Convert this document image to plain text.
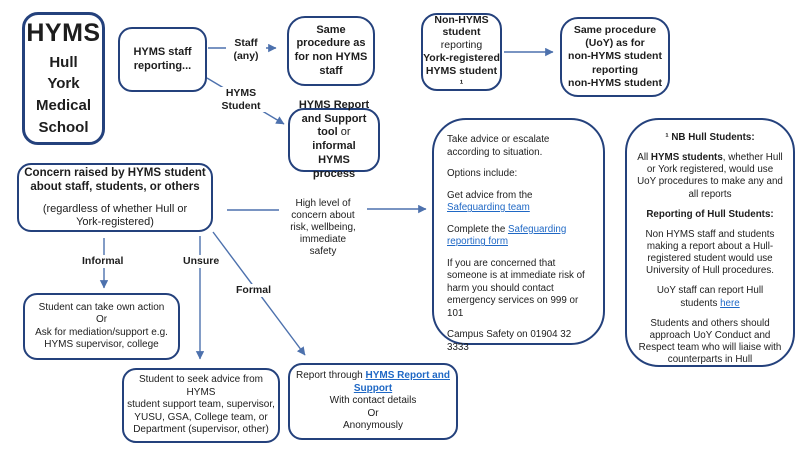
HYMS
Hull
York
Medical
School
HYMS staff
reporting...
Same
procedure as
for non HYMS
staff
Non-HYMS
student
reporting
York-registered
HYMS student ¹
Same procedure
(UoY) as for
non-HYMS student
reporting
non-HYMS student
HYMS Report and Support tool or informal HYMS process
Concern raised by HYMS student
about staff, students, or others
(regardless of whether Hull or
York-registered)

Take advice or escalate according to situation.

Options include:

Get advice from the Safeguarding team

Complete the Safeguarding reporting form

If you are concerned that someone is at immediate risk of harm you should contact emergency services on 999 or 101

Campus Safety on 01904 32 3333

¹ NB Hull Students:

All HYMS students, whether Hull or York registered, would use UoY procedures to make any and all reports

Reporting of Hull Students:

Non HYMS staff and students making a report about a Hull-registered student would use University of Hull procedures.

UoY staff can report Hull students here

Students and others should approach UoY Conduct and Respect team who will liaise with counterparts in Hull

Student can take own action
Or
Ask for mediation/support e.g.
HYMS supervisor, college
Student to seek advice from HYMS
student support team, supervisor,
YUSU, GSA, College team, or
Department (supervisor, other)
Report through HYMS Report and Support
With contact details
Or
Anonymously
Staff
(any)
HYMS
Student
Informal	Unsure
Formal
High level of
concern about
risk, wellbeing,
immediate
safety
